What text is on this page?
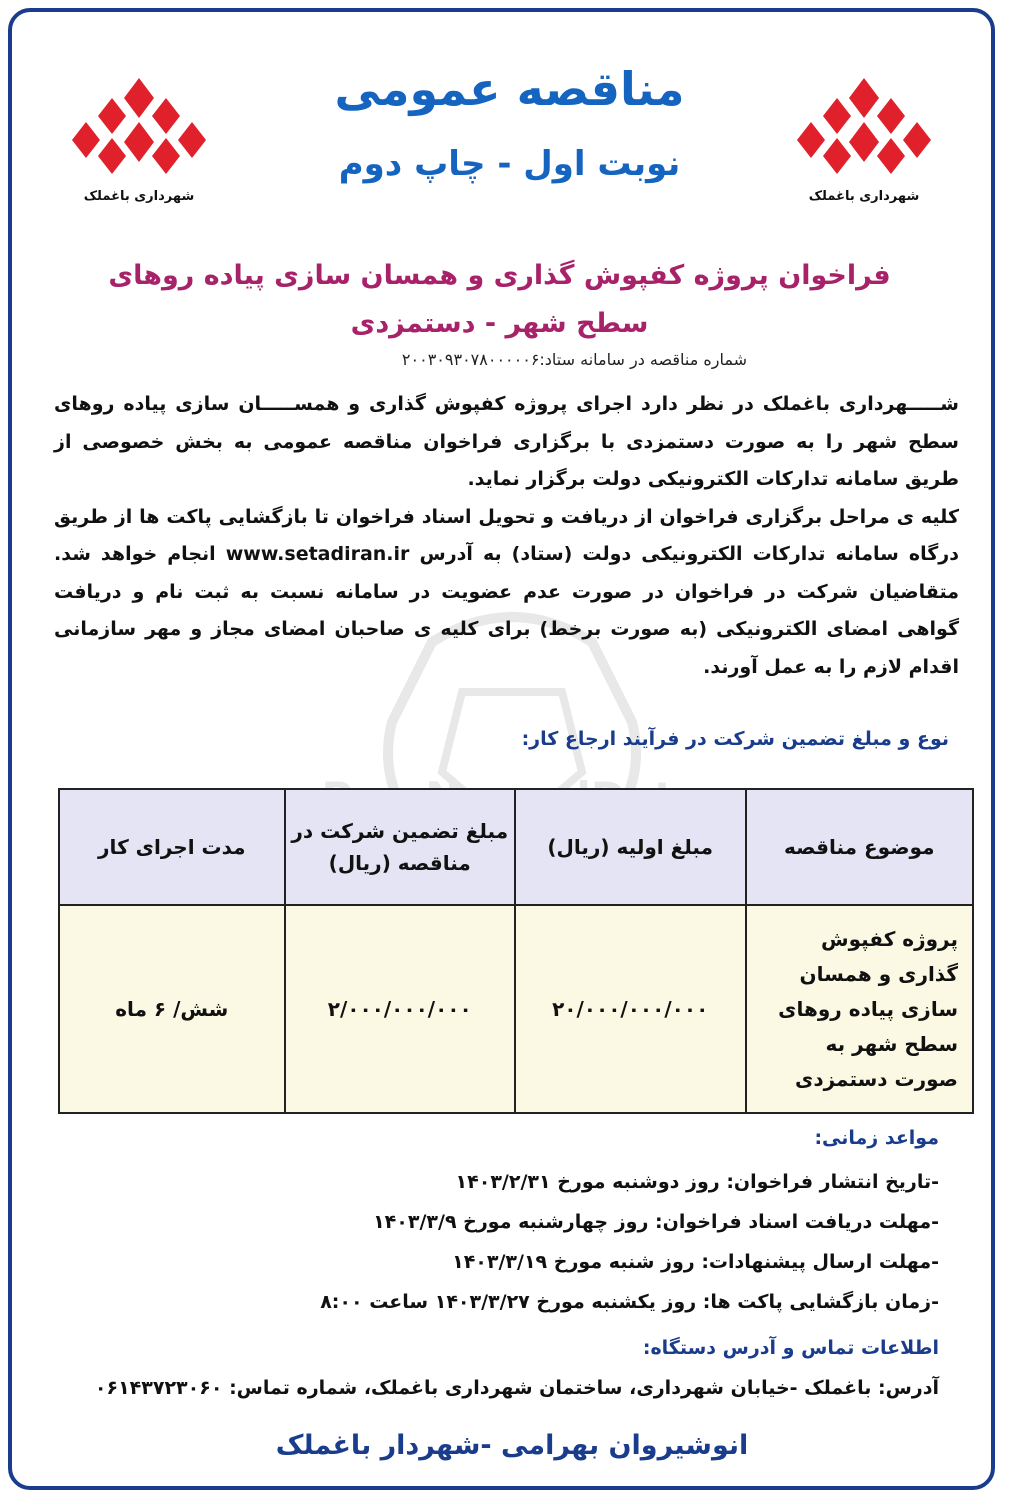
شهرداری باغملک
شهرداری باغملک
مناقصه عمومی
نوبت اول - چاپ دوم
فراخوان پروژه کفپوش گذاری و همسان سازی پیاده روهای
سطح شهر - دستمزدی
شماره مناقصه در سامانه ستاد:۲۰۰۳۰۹۳۰۷۸۰۰۰۰۰۶

شـــــهرداری باغملک در نظر دارد اجرای پروژه کفپوش گذاری و همســـــان سازی پیاده روهای سطح شهر را به صورت دستمزدی با برگزاری فراخوان مناقصه عمومی به بخش خصوصی از طریق سامانه تدارکات الکترونیکی دولت برگزار نماید.

کلیه ی مراحل برگزاری فراخوان از دریافت و تحویل اسناد فراخوان تا بازگشایی پاکت ها از طریق درگاه سامانه تدارکات الکترونیکی دولت (ستاد) به آدرس www.setadiran.ir انجام خواهد شد. متقاضیان شرکت در فراخوان در صورت عدم عضویت در سامانه نسبت به ثبت نام و دریافت گواهی امضای الکترونیکی (به صورت برخط) برای کلیه ی صاحبان امضای مجاز و مهر سازمانی اقدام لازم را به عمل آورند.

نوع و مبلغ تضمین شرکت در فرآیند ارجاع کار:
موضوع مناقصه	مبلغ اولیه (ریال)	مبلغ تضمین شرکت در مناقصه (ریال)	مدت اجرای کار
پروژه کفپوش گذاری و همسان سازی پیاده روهای سطح شهر به صورت دستمزدی	۲۰/۰۰۰/۰۰۰/۰۰۰	۲/۰۰۰/۰۰۰/۰۰۰	شش/ ۶ ماه
مواعد زمانی:
-تاریخ انتشار فراخوان: روز دوشنبه مورخ ۱۴۰۳/۲/۳۱
-مهلت دریافت اسناد فراخوان: روز چهارشنبه مورخ ۱۴۰۳/۳/۹
-مهلت ارسال پیشنهادات: روز شنبه مورخ ۱۴۰۳/۳/۱۹
-زمان بازگشایی پاکت ها: روز یکشنبه مورخ ۱۴۰۳/۳/۲۷ ساعت ۸:۰۰
اطلاعات تماس و آدرس دستگاه:
آدرس: باغملک -خیابان شهرداری، ساختمان شهرداری باغملک، شماره تماس: ۰۶۱۴۳۷۲۳۰۶۰
انوشیروان بهرامی -شهردار باغملک
